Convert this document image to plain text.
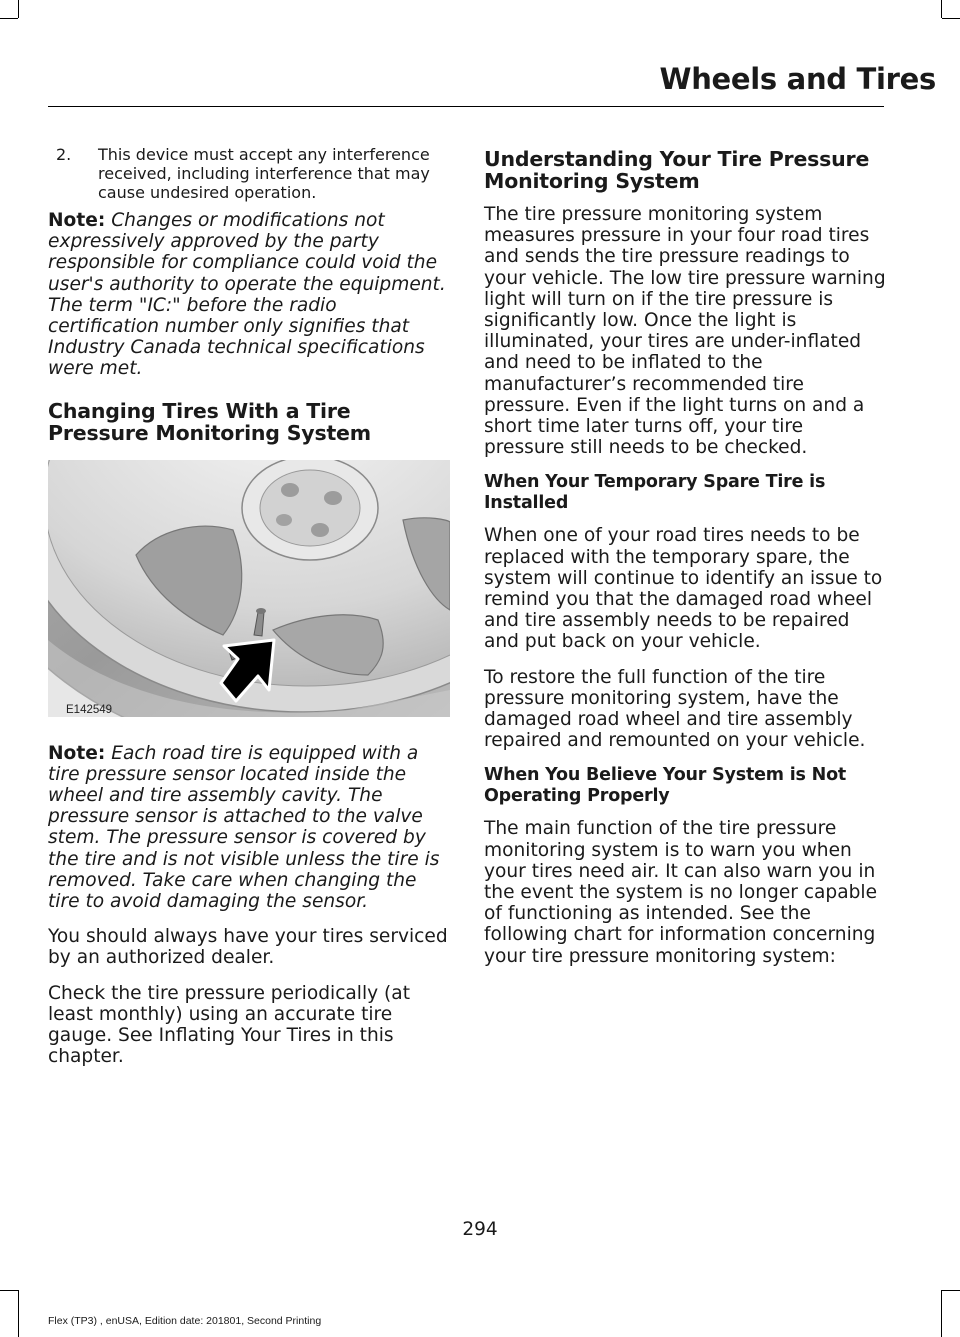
Wheels and Tires
2.	This device must accept any interference received, including interference that may cause undesired operation.

Note: Changes or modifications not expressively approved by the party responsible for compliance could void the user's authority to operate the equipment. The term "IC:" before the radio certification number only signifies that Industry Canada technical specifications were met.

Changing Tires With a Tire Pressure Monitoring System
E142549

Note: Each road tire is equipped with a tire pressure sensor located inside the wheel and tire assembly cavity. The pressure sensor is attached to the valve stem. The pressure sensor is covered by the tire and is not visible unless the tire is removed. Take care when changing the tire to avoid damaging the sensor.

You should always have your tires serviced by an authorized dealer.

Check the tire pressure periodically (at least monthly) using an accurate tire gauge. See Inflating Your Tires in this chapter.

Understanding Your Tire Pressure Monitoring System

The tire pressure monitoring system measures pressure in your four road tires and sends the tire pressure readings to your vehicle. The low tire pressure warning light will turn on if the tire pressure is significantly low. Once the light is illuminated, your tires are under-inflated and need to be inflated to the manufacturer’s recommended tire pressure. Even if the light turns on and a short time later turns off, your tire pressure still needs to be checked.

When Your Temporary Spare Tire is Installed

When one of your road tires needs to be replaced with the temporary spare, the system will continue to identify an issue to remind you that the damaged road wheel and tire assembly needs to be repaired and put back on your vehicle.

To restore the full function of the tire pressure monitoring system, have the damaged road wheel and tire assembly repaired and remounted on your vehicle.

When You Believe Your System is Not Operating Properly

The main function of the tire pressure monitoring system is to warn you when your tires need air. It can also warn you in the event the system is no longer capable of functioning as intended. See the following chart for information concerning your tire pressure monitoring system:

294
Flex (TP3) , enUSA, Edition date: 201801, Second Printing
